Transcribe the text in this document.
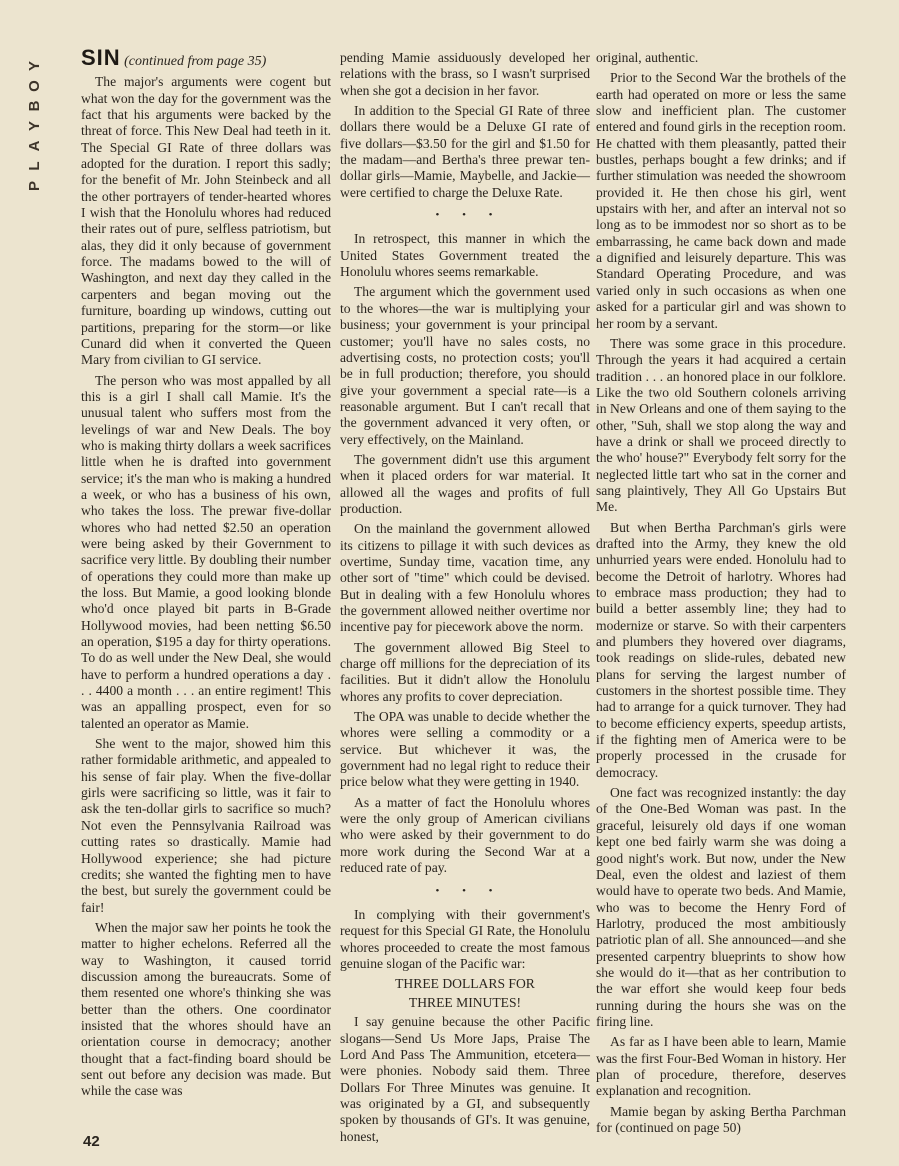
Y
O
B
Y
A
L
P
SIN (continued from page 35)

The major's arguments were cogent but what won the day for the government was the fact that his arguments were backed by the threat of force. This New Deal had teeth in it. The Special GI Rate of three dollars was adopted for the duration. I report this sadly; for the benefit of Mr. John Steinbeck and all the other portrayers of tender-hearted whores I wish that the Honolulu whores had reduced their rates out of pure, selfless patriotism, but alas, they did it only because of government force. The madams bowed to the will of Washington, and next day they called in the carpenters and began moving out the furniture, boarding up windows, cutting out partitions, preparing for the storm—or like Cunard did when it converted the Queen Mary from civilian to GI service.

The person who was most appalled by all this is a girl I shall call Mamie. It's the unusual talent who suffers most from the levelings of war and New Deals. The boy who is making thirty dollars a week sacrifices little when he is drafted into government service; it's the man who is making a hundred a week, or who has a business of his own, who takes the loss. The prewar five-dollar whores who had netted $2.50 an operation were being asked by their Government to sacrifice very little. By doubling their number of operations they could more than make up the loss. But Mamie, a good looking blonde who'd once played bit parts in B-Grade Hollywood movies, had been netting $6.50 an operation, $195 a day for thirty operations. To do as well under the New Deal, she would have to perform a hundred operations a day . . . 4400 a month . . . an entire regiment! This was an appalling prospect, even for so talented an operator as Mamie.

She went to the major, showed him this rather formidable arithmetic, and appealed to his sense of fair play. When the five-dollar girls were sacrificing so little, was it fair to ask the ten-dollar girls to sacrifice so much? Not even the Pennsylvania Railroad was cutting rates so drastically. Mamie had Hollywood experience; she had picture credits; she wanted the fighting men to have the best, but surely the government could be fair!

When the major saw her points he took the matter to higher echelons. Referred all the way to Washington, it caused torrid discussion among the bureaucrats. Some of them resented one whore's thinking she was better than the others. One coordinator insisted that the whores should have an orientation course in democracy; another thought that a fact-finding board should be sent out before any decision was made. But while the case was

pending Mamie assiduously developed her relations with the brass, so I wasn't surprised when she got a decision in her favor.

In addition to the Special GI Rate of three dollars there would be a Deluxe GI rate of five dollars—$3.50 for the girl and $1.50 for the madam—and Bertha's three prewar ten-dollar girls—Mamie, Maybelle, and Jackie—were certified to charge the Deluxe Rate.

• • •

In retrospect, this manner in which the United States Government treated the Honolulu whores seems remarkable.

The argument which the government used to the whores—the war is multiplying your business; your government is your principal customer; you'll have no sales costs, no advertising costs, no protection costs; you'll be in full production; therefore, you should give your government a special rate—is a reasonable argument. But I can't recall that the government advanced it very often, or very effectively, on the Mainland.

The government didn't use this argument when it placed orders for war material. It allowed all the wages and profits of full production.

On the mainland the government allowed its citizens to pillage it with such devices as overtime, Sunday time, vacation time, any other sort of "time" which could be devised. But in dealing with a few Honolulu whores the government allowed neither overtime nor incentive pay for piecework above the norm.

The government allowed Big Steel to charge off millions for the depreciation of its facilities. But it didn't allow the Honolulu whores any profits to cover depreciation.

The OPA was unable to decide whether the whores were selling a commodity or a service. But whichever it was, the government had no legal right to reduce their price below what they were getting in 1940.

As a matter of fact the Honolulu whores were the only group of American civilians who were asked by their government to do more work during the Second War at a reduced rate of pay.

• • •

In complying with their government's request for this Special GI Rate, the Honolulu whores proceeded to create the most famous genuine slogan of the Pacific war:

THREE DOLLARS FOR

THREE MINUTES!

I say genuine because the other Pacific slogans—Send Us More Japs, Praise The Lord And Pass The Ammunition, etcetera—were phonies. Nobody said them. Three Dollars For Three Minutes was genuine. It was originated by a GI, and subsequently spoken by thousands of GI's. It was genuine, honest,

original, authentic.

Prior to the Second War the brothels of the earth had operated on more or less the same slow and inefficient plan. The customer entered and found girls in the reception room. He chatted with them pleasantly, patted their bustles, perhaps bought a few drinks; and if further stimulation was needed the showroom provided it. He then chose his girl, went upstairs with her, and after an interval not so long as to be immodest nor so short as to be embarrassing, he came back down and made a dignified and leisurely departure. This was Standard Operating Procedure, and was varied only in such occasions as when one asked for a particular girl and was shown to her room by a servant.

There was some grace in this procedure. Through the years it had acquired a certain tradition . . . an honored place in our folklore. Like the two old Southern colonels arriving in New Orleans and one of them saying to the other, "Suh, shall we stop along the way and have a drink or shall we proceed directly to the who' house?" Everybody felt sorry for the neglected little tart who sat in the corner and sang plaintively, They All Go Upstairs But Me.

But when Bertha Parchman's girls were drafted into the Army, they knew the old unhurried years were ended. Honolulu had to become the Detroit of harlotry. Whores had to embrace mass production; they had to build a better assembly line; they had to modernize or starve. So with their carpenters and plumbers they hovered over diagrams, took readings on slide-rules, debated new plans for serving the largest number of customers in the shortest possible time. They had to arrange for a quick turnover. They had to become efficiency experts, speedup artists, if the fighting men of America were to be properly processed in the crusade for democracy.

One fact was recognized instantly: the day of the One-Bed Woman was past. In the graceful, leisurely old days if one woman kept one bed fairly warm she was doing a good night's work. But now, under the New Deal, even the oldest and laziest of them would have to operate two beds. And Mamie, who was to become the Henry Ford of Harlotry, produced the most ambitiously patriotic plan of all. She announced—and she presented carpentry blueprints to show how she would do it—that as her contribution to the war effort she would keep four beds running during the hours she was on the firing line.

As far as I have been able to learn, Mamie was the first Four-Bed Woman in history. Her plan of procedure, therefore, deserves explanation and recognition.

Mamie began by asking Bertha Parchman for (continued on page 50)

42
